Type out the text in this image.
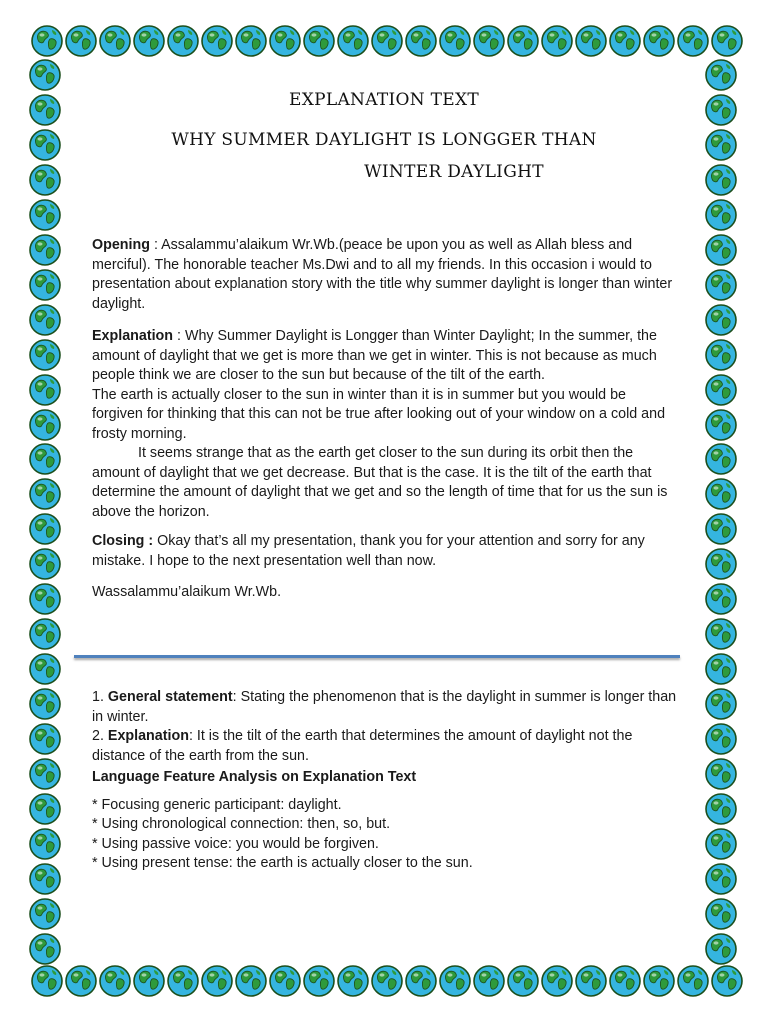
EXPLANATION TEXT
WHY SUMMER DAYLIGHT IS LONGGER THAN
WINTER DAYLIGHT

Opening : Assalammu’alaikum Wr.Wb.(peace be upon you as well as Allah bless and merciful). The honorable teacher Ms.Dwi and to all my friends. In this occasion i would to presentation about explanation story with the title why summer daylight is longer than winter daylight.

Explanation : Why Summer Daylight is Longger than Winter Daylight; In the summer, the amount of daylight that we get is more than we get in winter. This is not because as much people think we are closer to the sun but because of the tilt of the earth.

The earth is actually closer to the sun in winter than it is in summer but you would be forgiven for thinking that this can not be true after looking out of your window on a cold and frosty morning.

It seems strange that as the earth get closer to the sun during its orbit then the amount of daylight that we get decrease. But that is the case. It is the tilt of the earth that determine the amount of daylight that we get and so the length of time that for us the sun is above the horizon.

Closing : Okay that’s all my presentation, thank you for your attention and sorry for any mistake. I hope to the next presentation well than now.

Wassalammu’alaikum Wr.Wb.

1. General statement: Stating the phenomenon that is the daylight in summer is longer than in winter.

2. Explanation: It is the tilt of the earth that determines the amount of daylight not the distance of the earth from the sun.

Language Feature Analysis on Explanation Text

* Focusing generic participant: daylight.

* Using chronological connection: then, so, but.

* Using passive voice: you would be forgiven.

* Using present tense: the earth is actually closer to the sun.
